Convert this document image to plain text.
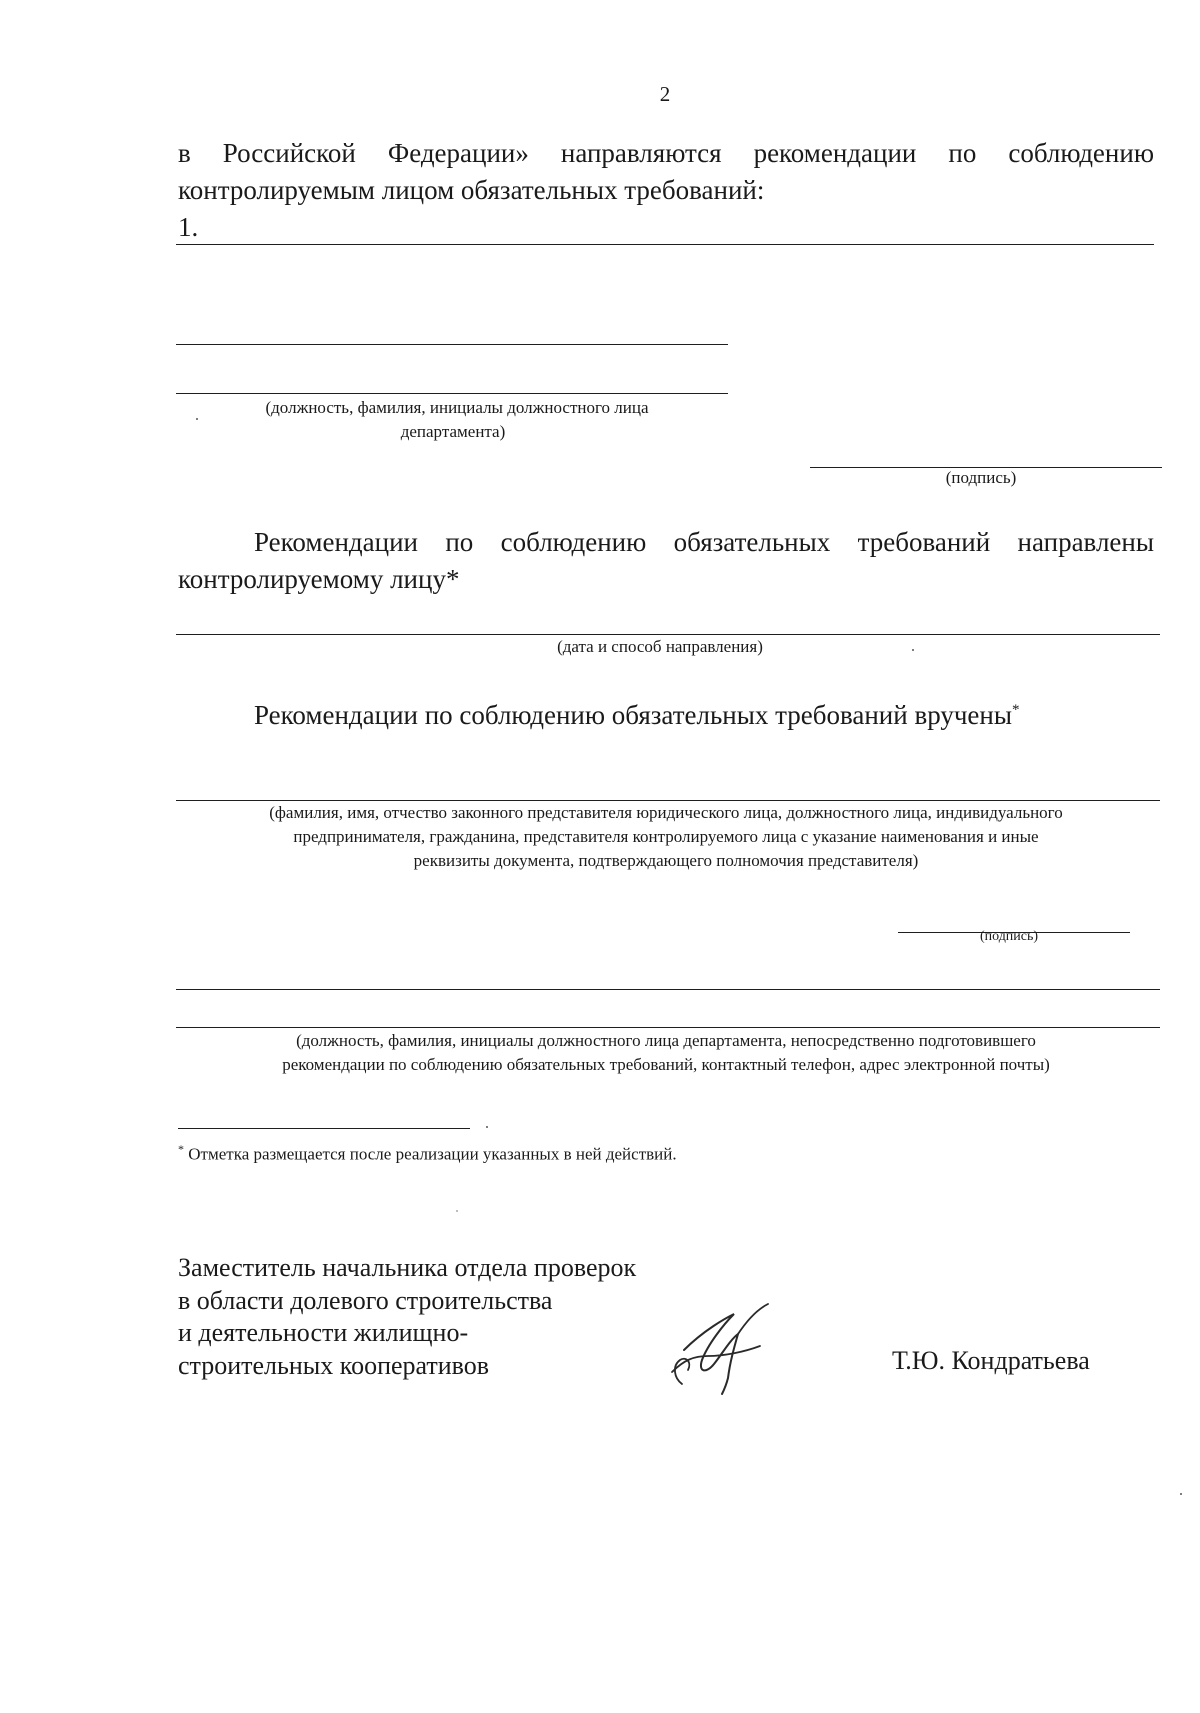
2
в Российской Федерации» направляются рекомендации по соблюдению
контролируемым лицом обязательных требований:
1.
(должность, фамилия, инициалы должностного лица
департамента)
(подпись)
Рекомендации по соблюдению обязательных требований направлены
контролируемому лицу*
(дата и способ направления)
Рекомендации по соблюдению обязательных требований вручены*
(фамилия, имя, отчество законного представителя юридического лица, должностного лица, индивидуального
предпринимателя, гражданина, представителя контролируемого лица с указание наименования и иные
реквизиты документа, подтверждающего полномочия представителя)
(подпись)
(должность, фамилия, инициалы должностного лица департамента, непосредственно подготовившего
рекомендации по соблюдению обязательных требований, контактный телефон, адрес электронной почты)
* Отметка размещается после реализации указанных в ней действий.
Заместитель начальника отдела проверок
в области долевого строительства
и деятельности жилищно-
строительных кооперативов	Т.Ю. Кондратьева
